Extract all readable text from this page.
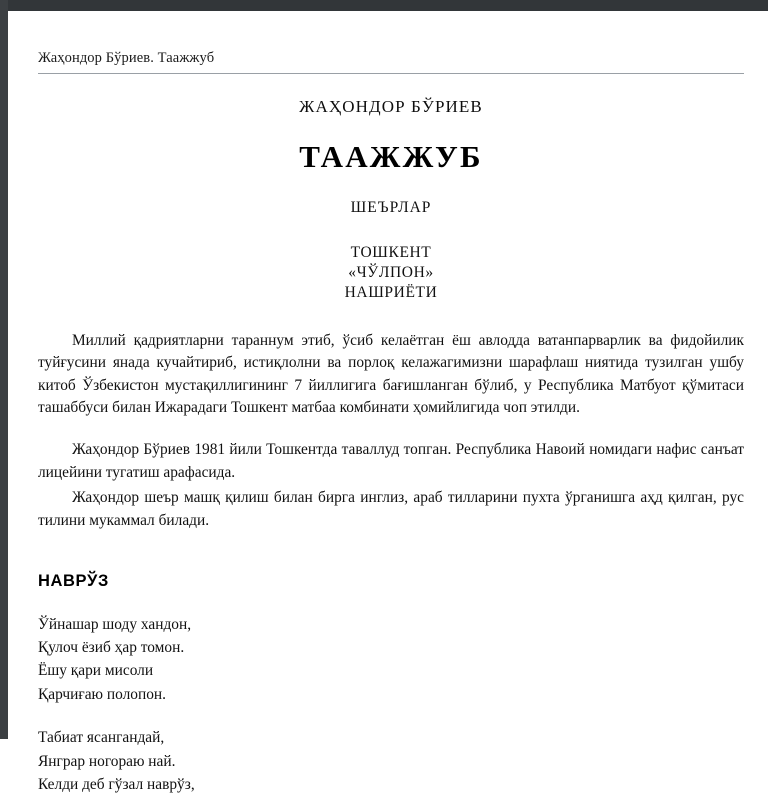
Жаҳондор Бўриев. Таажжуб
ЖАҲОНДОР БЎРИЕВ
ТААЖЖУБ
ШЕЪРЛАР
ТОШКЕНТ
«ЧЎЛПОН»
НАШРИЁТИ

Миллий қадриятларни тараннум этиб, ўсиб келаётган ёш авлодда ватанпарварлик ва фидойилик туйғусини янада кучайтириб, истиқлолни ва порлоқ келажагимизни шарафлаш ниятида тузилган ушбу китоб Ўзбекистон мустақиллигининг 7 йиллигига бағишланган бўлиб, у Республика Матбуот қўмитаси ташаббуси билан Ижарадаги Тошкент матбаа комбинати ҳомийлигида чоп этилди.

Жаҳондор Бўриев 1981 йили Тошкентда таваллуд топган. Республика Навоий номидаги нафис санъат лицейини тугатиш арафасида.

Жаҳондор шеър машқ қилиш билан бирга инглиз, араб тилларини пухта ўрганишга аҳд қилган, рус тилини мукаммал билади.

НАВРЎЗ
Ўйнашар шоду хандон,
Қулоч ёзиб ҳар томон.
Ёшу қари мисоли
Қарчиғаю полопон.
Табиат ясангандай,
Янграр ногораю най.
Келди деб гўзал наврўз,
